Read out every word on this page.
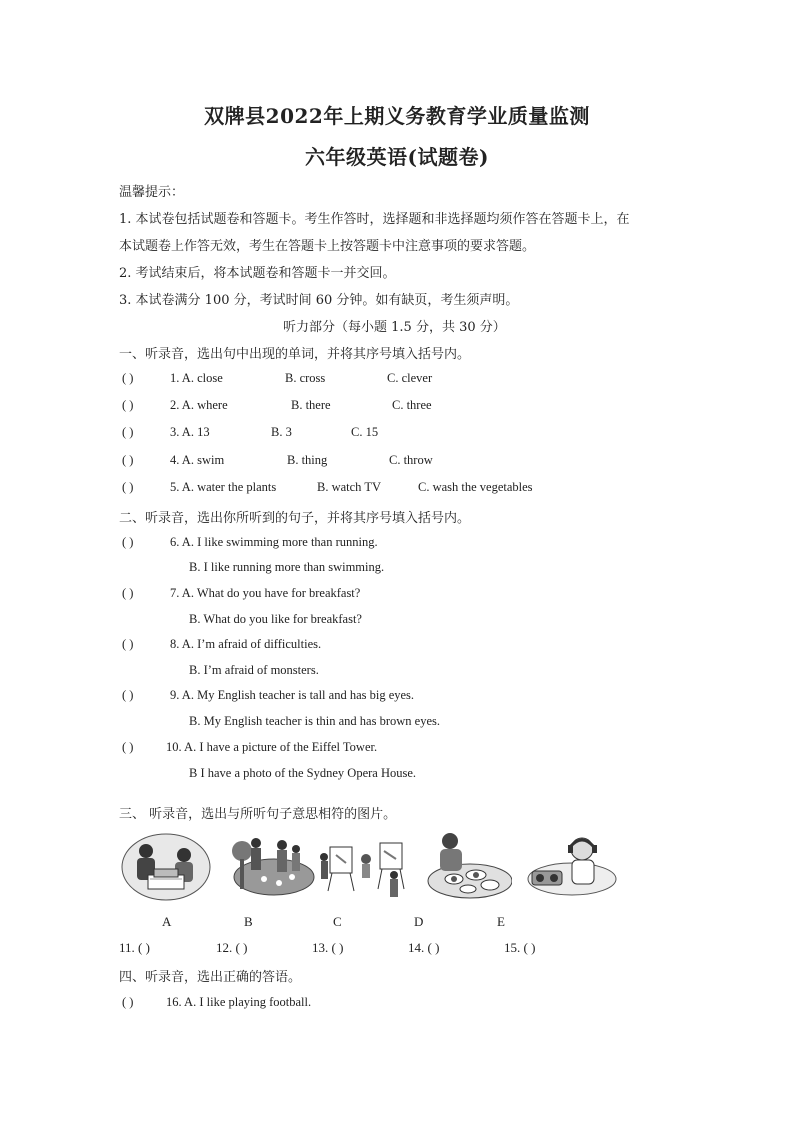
双牌县2022年上期义务教育学业质量监测
六年级英语(试题卷)
温馨提示：
1. 本试卷包括试题卷和答题卡。考生作答时，选择题和非选择题均须作答在答题卡上，在
本试题卷上作答无效，考生在答题卡上按答题卡中注意事项的要求答题。
2. 考试结束后，将本试题卷和答题卡一并交回。
3. 本试卷满分 100 分，考试时间 60 分钟。如有缺页，考生须声明。
听力部分（每小题 1.5 分，共 30 分）
一、听录音，选出句中出现的单词，并将其序号填入括号内。
( )	1. A. close	B. cross	C. clever
( )	2. A. where	B. there	C. three
( )	3. A. 13	B. 3	C. 15
( )	4. A. swim	B. thing	C. throw
( )	5. A. water the plants	B. watch TV	C. wash the vegetables
二、听录音，选出你所听到的句子，并将其序号填入括号内。
( )	6. A. I like swimming more than running.
B. I like running more than swimming.
( )	7. A. What do you have for breakfast?
B. What do you like for breakfast?
( )	8. A. I’m afraid of difficulties.
B. I’m afraid of monsters.
( )	9. A. My English teacher is tall and has big eyes.
B. My English teacher is thin and has brown eyes.
( )	10. A. I have a picture of the Eiffel Tower.
B I have a photo of the Sydney Opera House.
三、 听录音，选出与所听句子意思相符的图片。
A	B	C	D	E
11. ( )	12. ( )	13. ( )	14. ( )	15. ( )
四、听录音，选出正确的答语。
( )	16. A. I like playing football.
